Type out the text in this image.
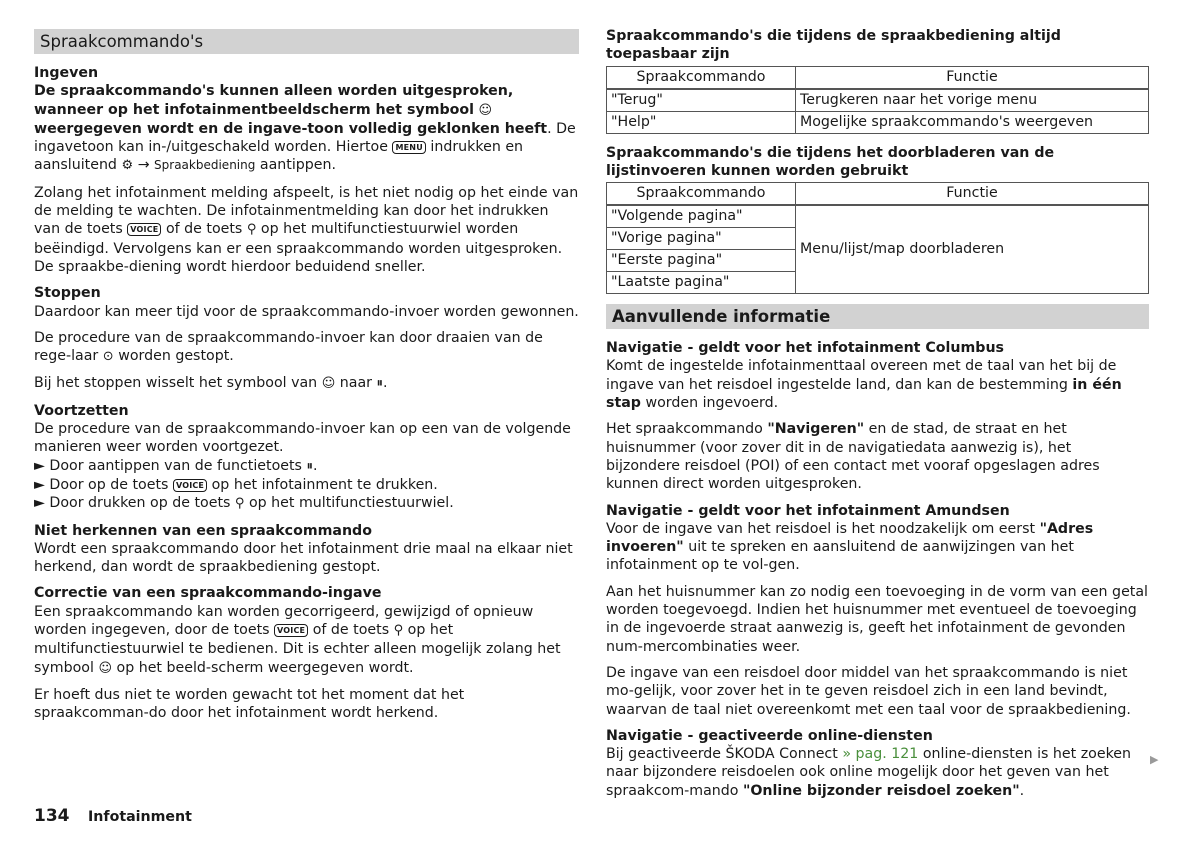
Spraakcommando's

Ingeven
De spraakcommando's kunnen alleen worden uitgesproken, wanneer op het infotainmentbeeldscherm het symbool ☺ weergegeven wordt en de ingave-toon volledig geklonken heeft. De ingavetoon kan in-/uitgeschakeld worden. Hiertoe MENU indrukken en aansluitend ⚙ → Spraakbediening aantippen.

Zolang het infotainment melding afspeelt, is het niet nodig op het einde van de melding te wachten. De infotainmentmelding kan door het indrukken van de toets VOICE of de toets ⚲ op het multifunctiestuurwiel worden beëindigd. Vervolgens kan er een spraakcommando worden uitgesproken. De spraakbe-diening wordt hierdoor beduidend sneller.

Stoppen
Daardoor kan meer tijd voor de spraakcommando-invoer worden gewonnen.

De procedure van de spraakcommando-invoer kan door draaien van de rege-laar ⊙ worden gestopt.

Bij het stoppen wisselt het symbool van ☺ naar ⏸.

Voortzetten
De procedure van de spraakcommando-invoer kan op een van de volgende manieren weer worden voortgezet.
► Door aantippen van de functietoets ⏸.
► Door op de toets VOICE op het infotainment te drukken.
► Door drukken op de toets ⚲ op het multifunctiestuurwiel.

Niet herkennen van een spraakcommando
Wordt een spraakcommando door het infotainment drie maal na elkaar niet herkend, dan wordt de spraakbediening gestopt.

Correctie van een spraakcommando-ingave
Een spraakcommando kan worden gecorrigeerd, gewijzigd of opnieuw worden ingegeven, door de toets VOICE of de toets ⚲ op het multifunctiestuurwiel te bedienen. Dit is echter alleen mogelijk zolang het symbool ☺ op het beeld-scherm weergegeven wordt.

Er hoeft dus niet te worden gewacht tot het moment dat het spraakcomman-do door het infotainment wordt herkend.

Spraakcommando's die tijdens de spraakbediening altijd toepasbaar zijn

Spraakcommando	Functie
"Terug"	Terugkeren naar het vorige menu
"Help"	Mogelijke spraakcommando's weergeven

Spraakcommando's die tijdens het doorbladeren van de lijstinvoeren kunnen worden gebruikt

Spraakcommando	Functie
"Volgende pagina"	Menu/lijst/map doorbladeren
"Vorige pagina"	
"Eerste pagina"	
"Laatste pagina"	
Aanvullende informatie

Navigatie - geldt voor het infotainment Columbus
Komt de ingestelde infotainmenttaal overeen met de taal van het bij de ingave van het reisdoel ingestelde land, dan kan de bestemming in één stap worden ingevoerd.

Het spraakcommando "Navigeren" en de stad, de straat en het huisnummer (voor zover dit in de navigatiedata aanwezig is), het bijzondere reisdoel (POI) of een contact met vooraf opgeslagen adres kunnen direct worden uitgesproken.

Navigatie - geldt voor het infotainment Amundsen
Voor de ingave van het reisdoel is het noodzakelijk om eerst "Adres invoeren" uit te spreken en aansluitend de aanwijzingen van het infotainment op te vol-gen.

Aan het huisnummer kan zo nodig een toevoeging in de vorm van een getal worden toegevoegd. Indien het huisnummer met eventueel de toevoeging in de ingevoerde straat aanwezig is, geeft het infotainment de gevonden num-mercombinaties weer.

De ingave van een reisdoel door middel van het spraakcommando is niet mo-gelijk, voor zover het in te geven reisdoel zich in een land bevindt, waarvan de taal niet overeenkomt met een taal voor de spraakbediening.

Navigatie - geactiveerde online-diensten
Bij geactiveerde ŠKODA Connect » pag. 121 online-diensten is het zoeken naar bijzondere reisdoelen ook online mogelijk door het geven van het spraakcom-mando "Online bijzonder reisdoel zoeken".

▶
134 Infotainment
